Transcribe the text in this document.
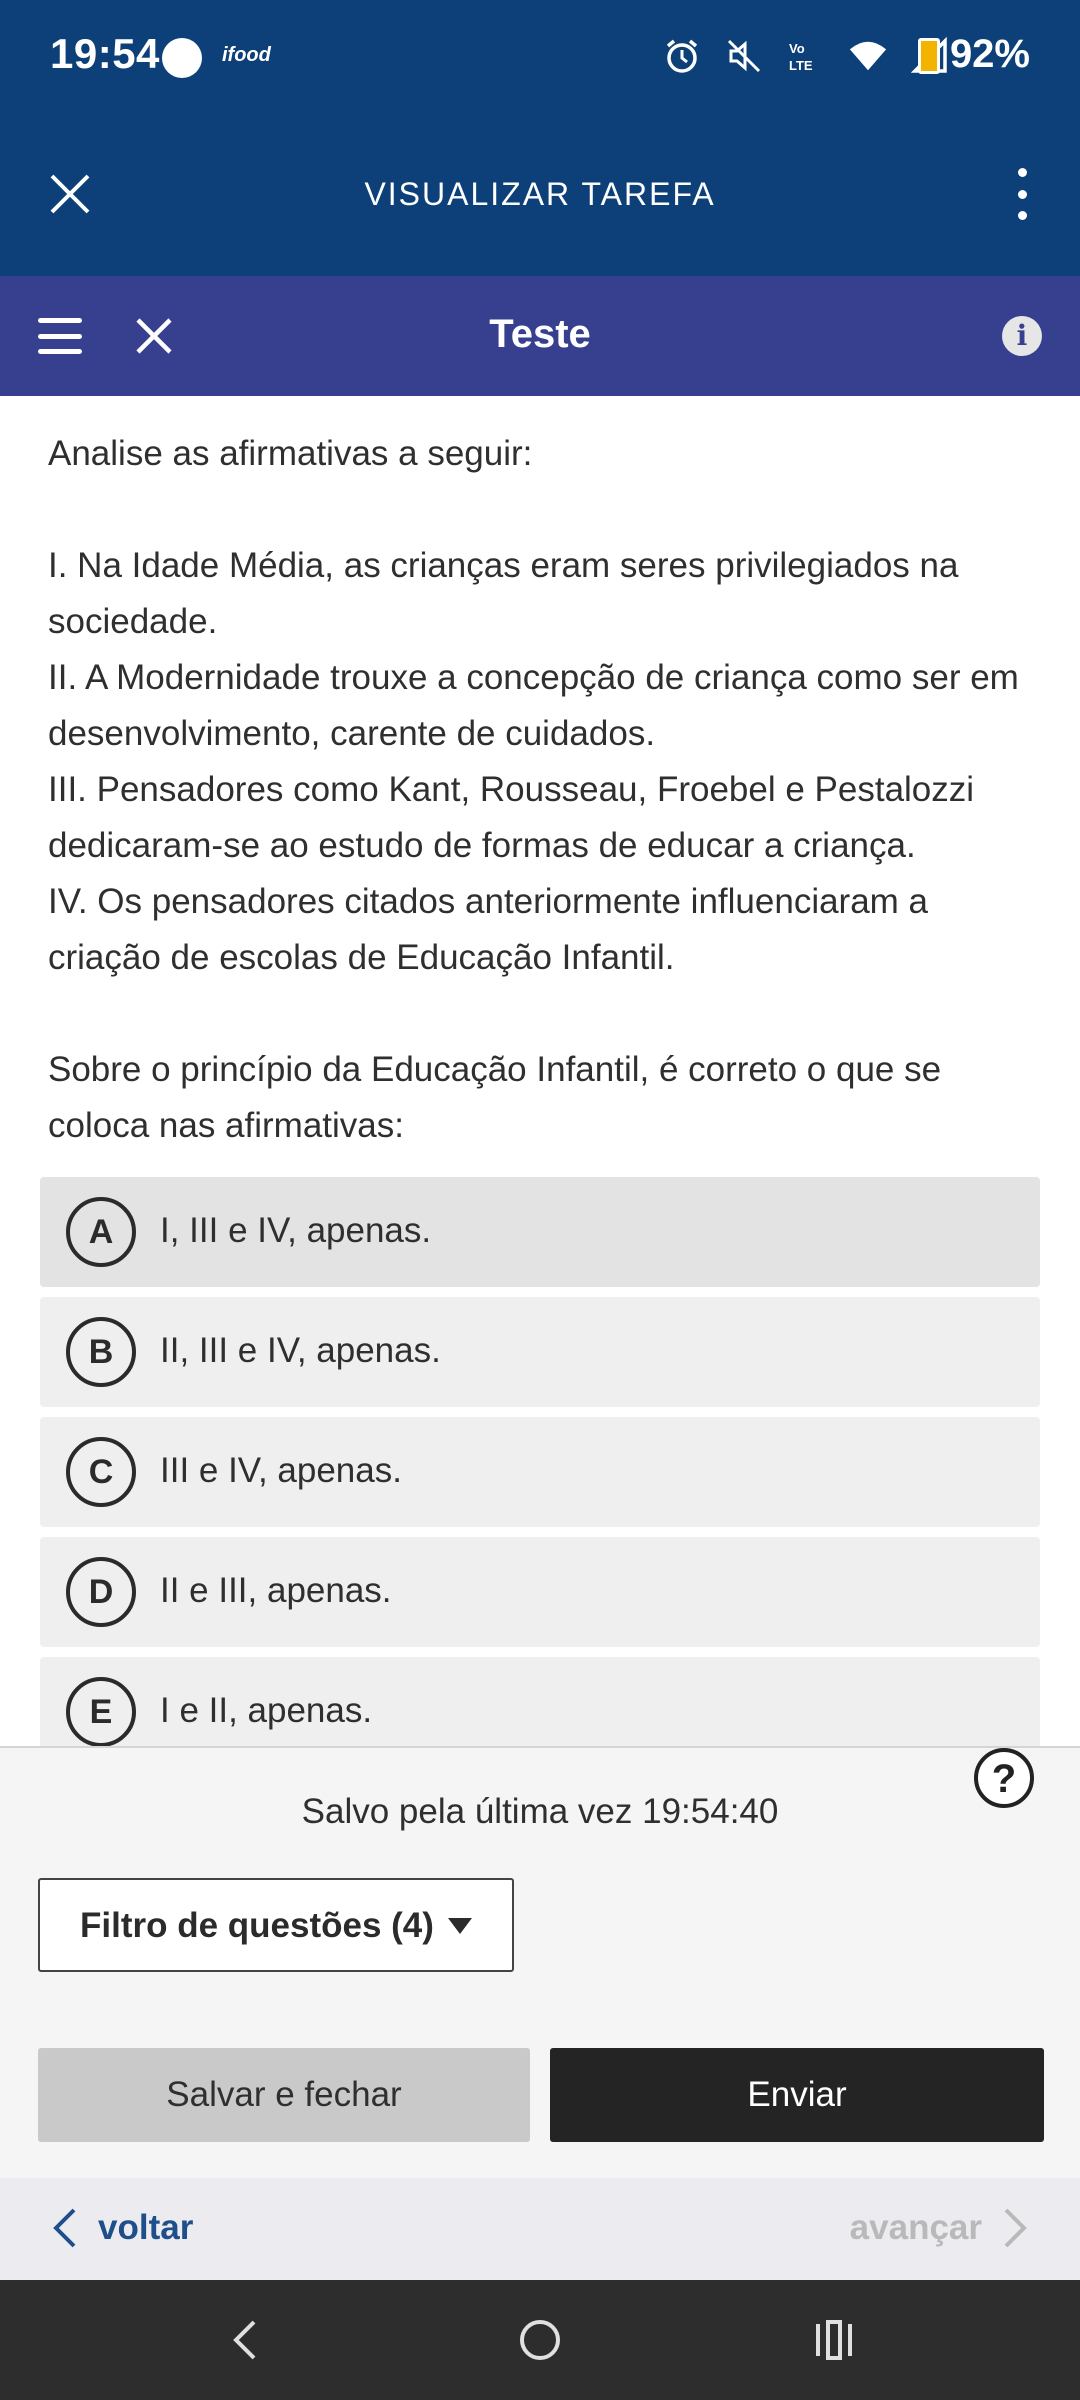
19:54	ifood	Vo
LTE	92%
VISUALIZAR TAREFA
Teste	i

Analise as afirmativas a seguir:

I. Na Idade Média, as crianças eram seres privilegiados na sociedade.

II. A Modernidade trouxe a concepção de criança como ser em desenvolvimento, carente de cuidados.

III. Pensadores como Kant, Rousseau, Froebel e Pestalozzi dedicaram-se ao estudo de formas de educar a criança.

IV. Os pensadores citados anteriormente influenciaram a criação de escolas de Educação Infantil.

Sobre o princípio da Educação Infantil, é correto o que se coloca nas afirmativas:

A	I, III e IV, apenas.
B	II, III e IV, apenas.
C	III e IV, apenas.
D	II e III, apenas.
E	I e II, apenas.
?
Salvo pela última vez 19:54:40
Filtro de questões (4)
Salvar e fechar	Enviar
voltar	avançar
